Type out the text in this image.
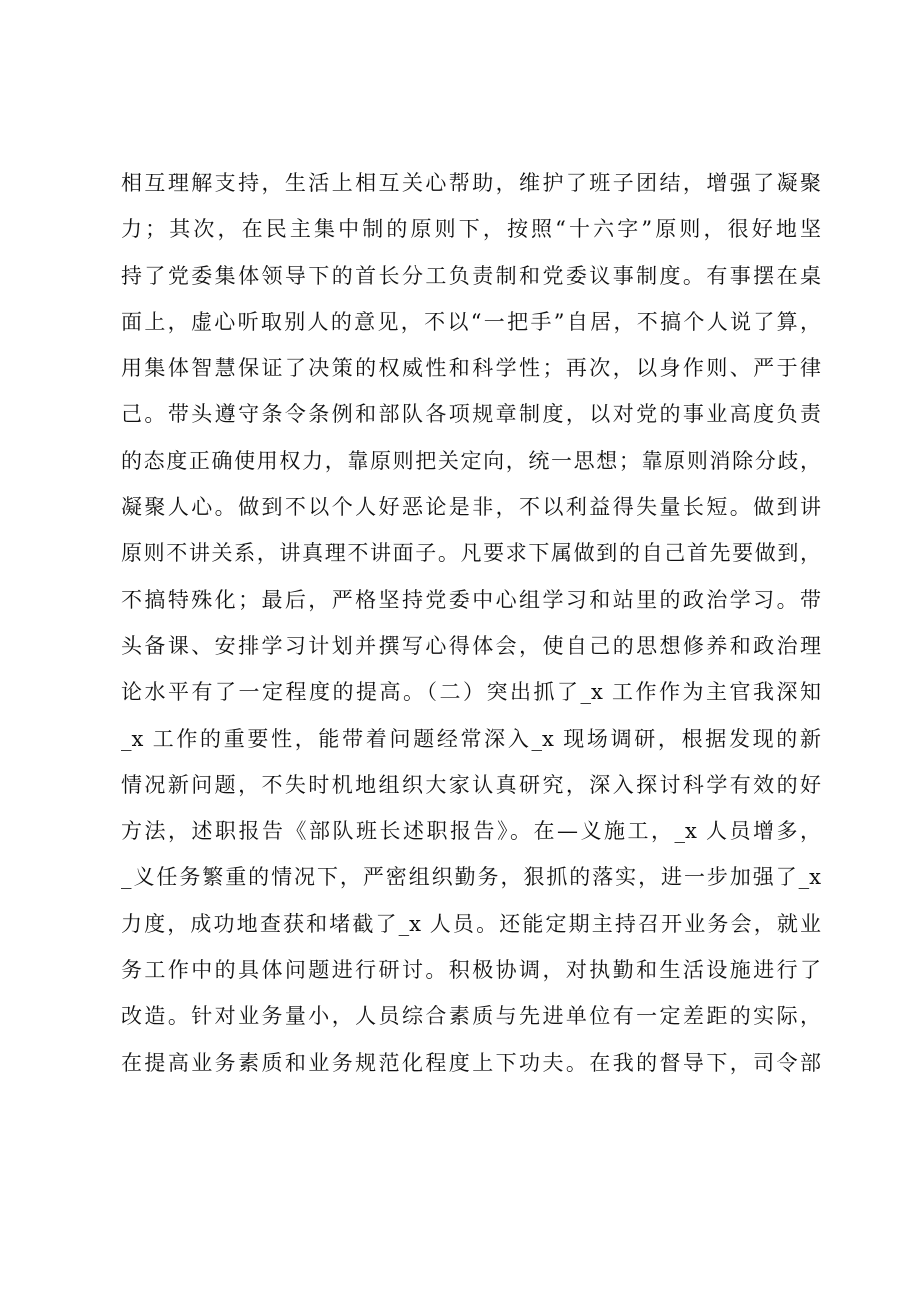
相互理解支持，生活上相互关心帮助，维护了班子团结，增强了凝聚
力；其次，在民主集中制的原则下，按照“十六字”原则，很好地坚
持了党委集体领导下的首长分工负责制和党委议事制度。有事摆在桌
面上，虚心听取别人的意见，不以“一把手”自居，不搞个人说了算，
用集体智慧保证了决策的权威性和科学性；再次，以身作则、严于律
己。带头遵守条令条例和部队各项规章制度，以对党的事业高度负责
的态度正确使用权力，靠原则把关定向，统一思想；靠原则消除分歧，
凝聚人心。做到不以个人好恶论是非，不以利益得失量长短。做到讲
原则不讲关系，讲真理不讲面子。凡要求下属做到的自己首先要做到，
不搞特殊化；最后，严格坚持党委中心组学习和站里的政治学习。带
头备课、安排学习计划并撰写心得体会，使自己的思想修养和政治理
论水平有了一定程度的提高。（二）突出抓了_x 工作作为主官我深知
_x 工作的重要性，能带着问题经常深入_x 现场调研，根据发现的新
情况新问题，不失时机地组织大家认真研究，深入探讨科学有效的好
方法，述职报告《部队班长述职报告》。在—义施工，_x 人员增多，
_义任务繁重的情况下，严密组织勤务，狠抓的落实，进一步加强了_x
力度，成功地查获和堵截了_x 人员。还能定期主持召开业务会，就业
务工作中的具体问题进行研讨。积极协调，对执勤和生活设施进行了
改造。针对业务量小，人员综合素质与先进单位有一定差距的实际，
在提高业务素质和业务规范化程度上下功夫。在我的督导下，司令部
